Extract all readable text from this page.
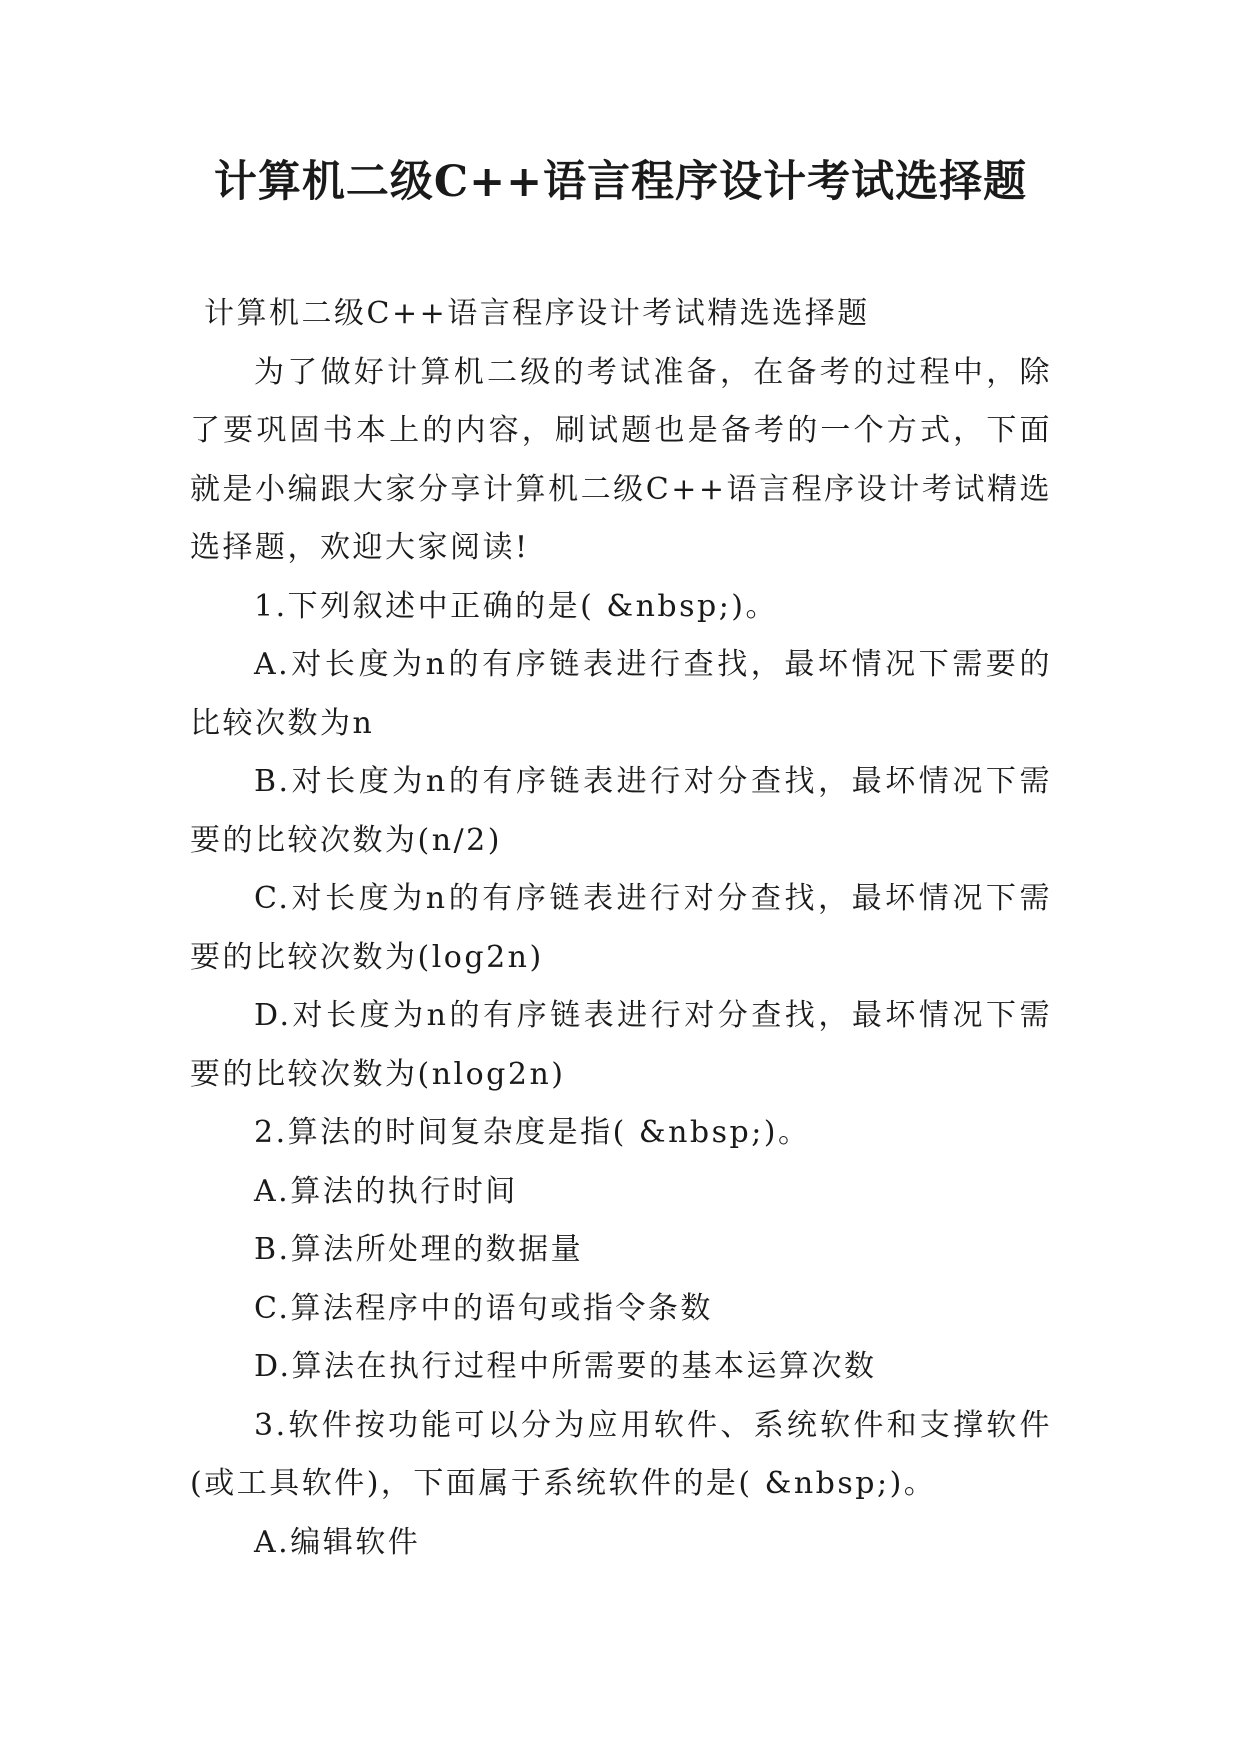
计算机二级C++语言程序设计考试选择题

计算机二级C++语言程序设计考试精选选择题

为了做好计算机二级的考试准备，在备考的过程中，除了要巩固书本上的内容，刷试题也是备考的一个方式，下面就是小编跟大家分享计算机二级C++语言程序设计考试精选选择题，欢迎大家阅读!

1.下列叙述中正确的是( &nbsp;)。

A.对长度为n的有序链表进行查找，最坏情况下需要的比较次数为n

B.对长度为n的有序链表进行对分查找，最坏情况下需要的比较次数为(n/2)

C.对长度为n的有序链表进行对分查找，最坏情况下需要的比较次数为(log2n)

D.对长度为n的有序链表进行对分查找，最坏情况下需要的比较次数为(nlog2n)

2.算法的时间复杂度是指( &nbsp;)。

A.算法的执行时间

B.算法所处理的数据量

C.算法程序中的语句或指令条数

D.算法在执行过程中所需要的基本运算次数

3.软件按功能可以分为应用软件、系统软件和支撑软件(或工具软件)，下面属于系统软件的是( &nbsp;)。

A.编辑软件
